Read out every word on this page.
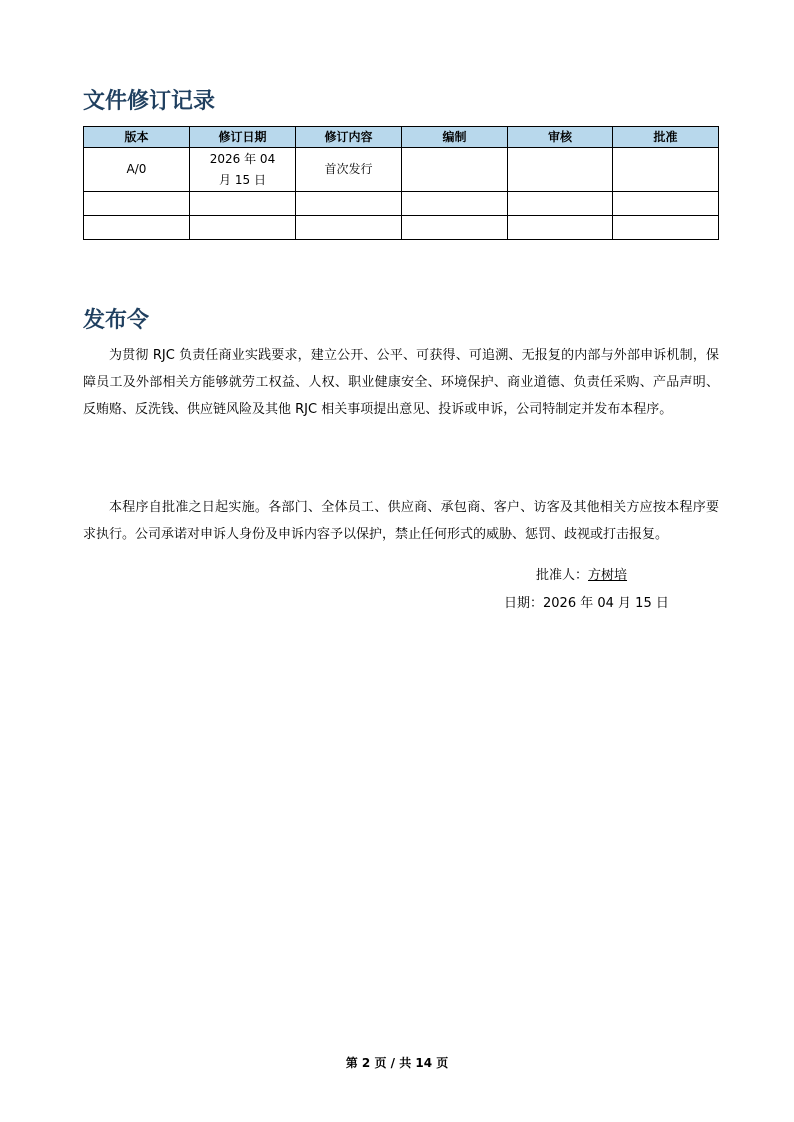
文件修订记录
版本	修订日期	修订内容	编制	审核	批准
A/0	2026 年 04 月 15 日	首次发行			

发布令

为贯彻 RJC 负责任商业实践要求，建立公开、公平、可获得、可追溯、无报复的内部与外部申诉机制，保障员工及外部相关方能够就劳工权益、人权、职业健康安全、环境保护、商业道德、负责任采购、产品声明、反贿赂、反洗钱、供应链风险及其他 RJC 相关事项提出意见、投诉或申诉，公司特制定并发布本程序。

本程序自批准之日起实施。各部门、全体员工、供应商、承包商、客户、访客及其他相关方应按本程序要求执行。公司承诺对申诉人身份及申诉内容予以保护，禁止任何形式的威胁、惩罚、歧视或打击报复。

批准人：方树培
日期：2026 年 04 月 15 日
第 2 页 / 共 14 页
